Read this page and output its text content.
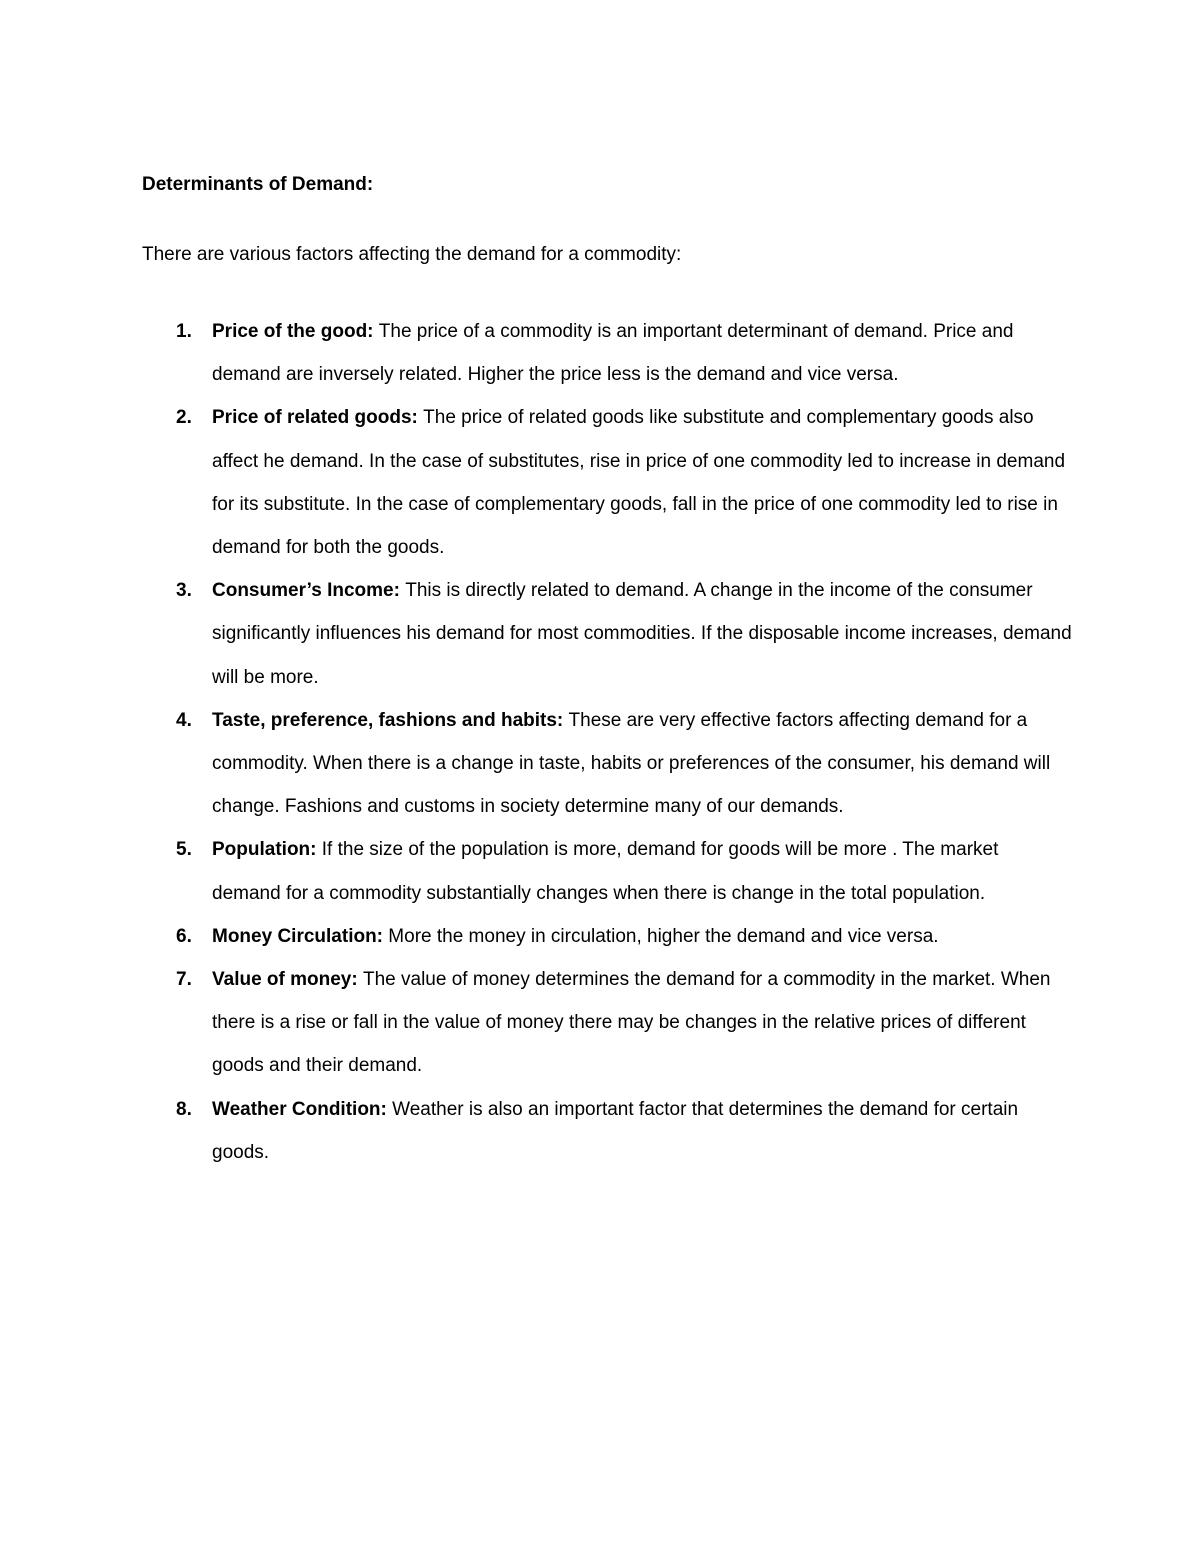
Determinants of Demand:
There are various factors affecting the demand for a commodity:
1. Price of the good: The price of a commodity is an important determinant of demand. Price and demand are inversely related. Higher the price less is the demand and vice versa.
2. Price of related goods: The price of related goods like substitute and complementary goods also affect he demand. In the case of substitutes, rise in price of one commodity led to increase in demand for its substitute. In the case of complementary goods, fall in the price of one commodity led to rise in demand for both the goods.
3. Consumer’s Income: This is directly related to demand. A change in the income of the consumer significantly influences his demand for most commodities. If the disposable income increases, demand will be more.
4. Taste, preference, fashions and habits: These are very effective factors affecting demand for a commodity. When there is a change in taste, habits or preferences of the consumer, his demand will change. Fashions and customs in society determine many of our demands.
5. Population: If the size of the population is more, demand for goods will be more . The market demand for a commodity substantially changes when there is change in the total population.
6. Money Circulation: More the money in circulation, higher the demand and vice versa.
7. Value of money: The value of money determines the demand for a commodity in the market. When there is a rise or fall in the value of money there may be changes in the relative prices of different goods and their demand.
8. Weather Condition: Weather is also an important factor that determines the demand for certain goods.
